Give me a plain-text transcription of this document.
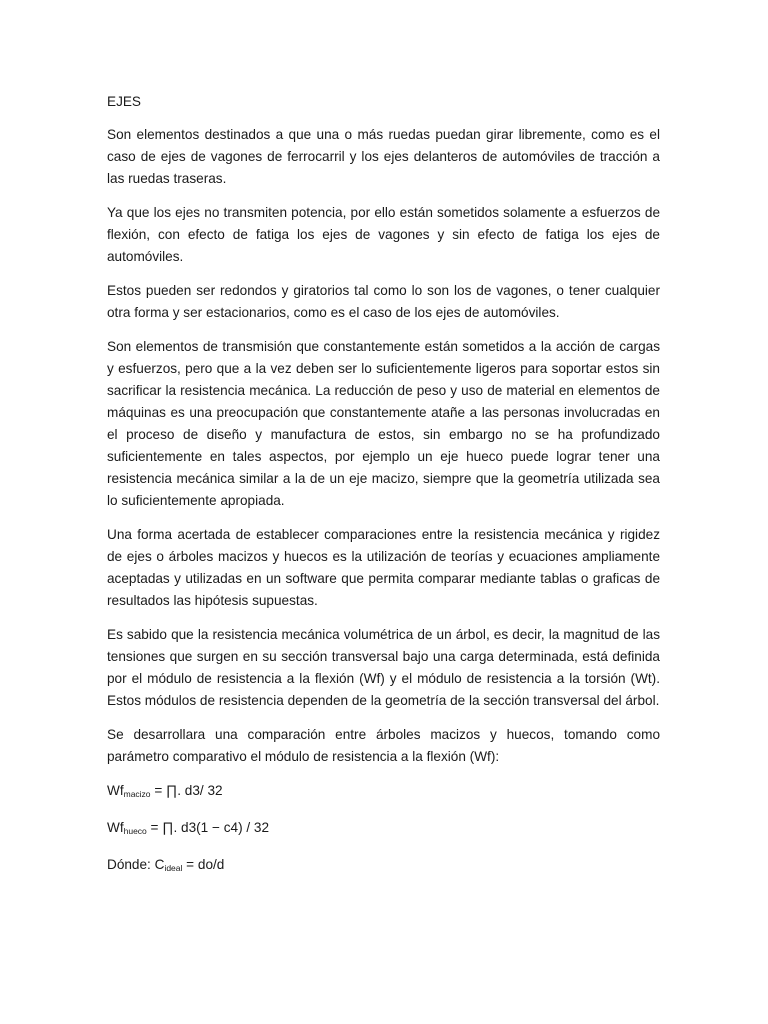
EJES

Son elementos destinados a que una o más ruedas puedan girar libremente, como es el caso de ejes de vagones de ferrocarril y los ejes delanteros de automóviles de tracción a las ruedas traseras.

Ya que los ejes no transmiten potencia, por ello están sometidos solamente a esfuerzos de flexión, con efecto de fatiga los ejes de vagones y sin efecto de fatiga los ejes de automóviles.

Estos pueden ser redondos y giratorios tal como lo son los de vagones, o tener cualquier otra forma y ser estacionarios, como es el caso de los ejes de automóviles.

Son elementos de transmisión que constantemente están sometidos a la acción de cargas y esfuerzos, pero que a la vez deben ser lo suficientemente ligeros para soportar estos sin sacrificar la resistencia mecánica. La reducción de peso y uso de material en elementos de máquinas es una preocupación que constantemente atañe a las personas involucradas en el proceso de diseño y manufactura de estos, sin embargo no se ha profundizado suficientemente en tales aspectos, por ejemplo un eje hueco puede lograr tener una resistencia mecánica similar a la de un eje macizo, siempre que la geometría utilizada sea lo suficientemente apropiada.

Una forma acertada de establecer comparaciones entre la resistencia mecánica y rigidez de ejes o árboles macizos y huecos es la utilización de teorías y ecuaciones ampliamente aceptadas y utilizadas en un software que permita comparar mediante tablas o graficas de resultados las hipótesis supuestas.

Es sabido que la resistencia mecánica volumétrica de un árbol, es decir, la magnitud de las tensiones que surgen en su sección transversal bajo una carga determinada, está definida por el módulo de resistencia a la flexión (Wf) y el módulo de resistencia a la torsión (Wt). Estos módulos de resistencia dependen de la geometría de la sección transversal del árbol.

Se desarrollara una comparación entre árboles macizos y huecos, tomando como parámetro comparativo el módulo de resistencia a la flexión (Wf):

$Wf_{macizo}$ = ∏. d3/ 32
$Wf_{hueco}$ = ∏. d3(1 − c4) / 32
Dónde: $C_{ideal} = do/d$
